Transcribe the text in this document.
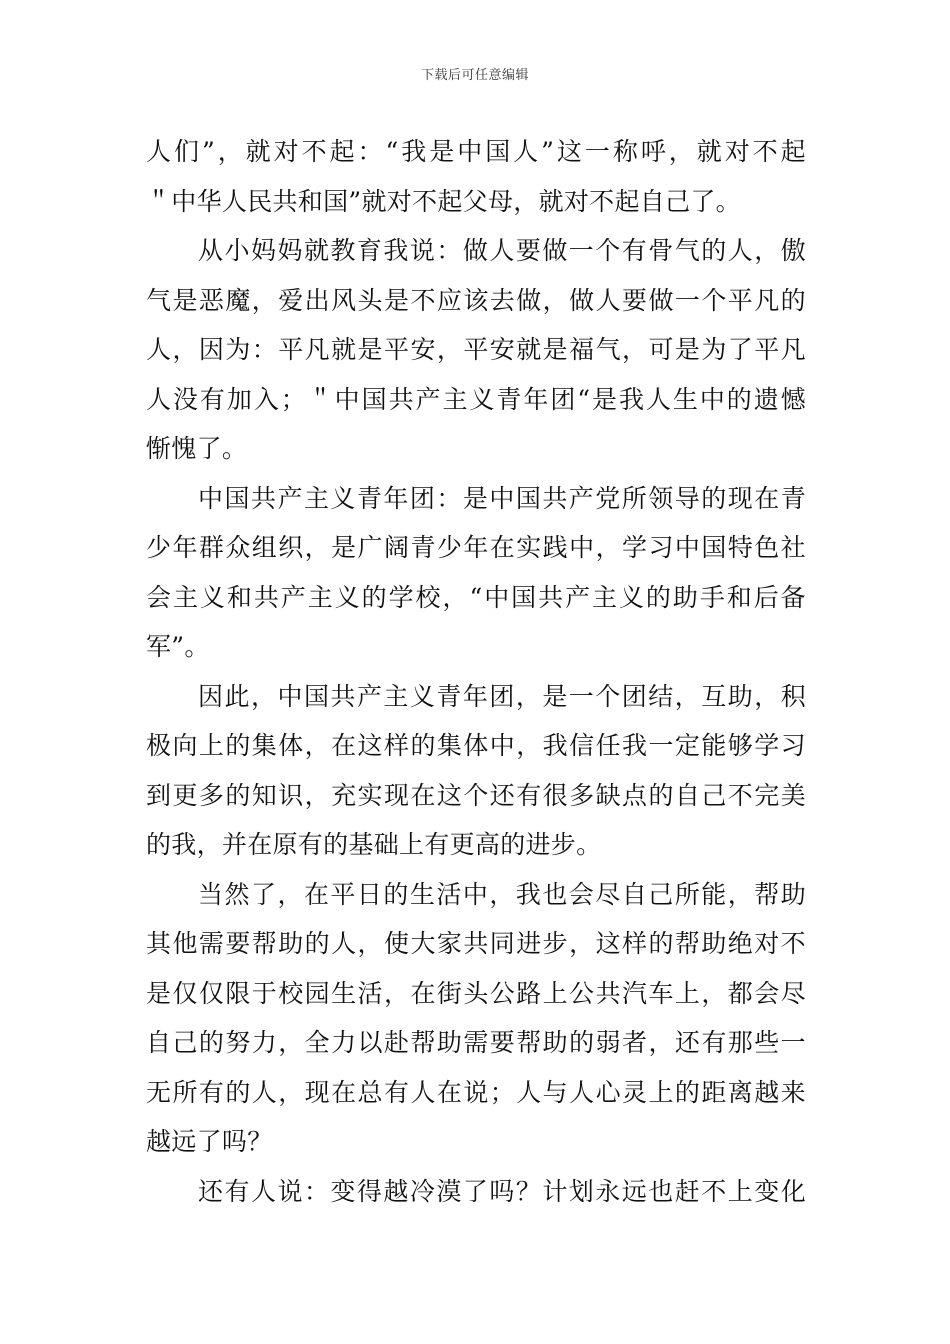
下载后可任意编辑
人们”，就对不起：“我是中国人”这一称呼，就对不起
＂中华人民共和国”就对不起父母，就对不起自己了。
从小妈妈就教育我说：做人要做一个有骨气的人，傲
气是恶魔，爱出风头是不应该去做，做人要做一个平凡的
人，因为：平凡就是平安，平安就是福气，可是为了平凡
人没有加入；＂中国共产主义青年团“是我人生中的遗憾
惭愧了。
中国共产主义青年团：是中国共产党所领导的现在青
少年群众组织，是广阔青少年在实践中，学习中国特色社
会主义和共产主义的学校，“中国共产主义的助手和后备
军”。
因此，中国共产主义青年团，是一个团结，互助，积
极向上的集体，在这样的集体中，我信任我一定能够学习
到更多的知识，充实现在这个还有很多缺点的自己不完美
的我，并在原有的基础上有更高的进步。
当然了，在平日的生活中，我也会尽自己所能，帮助
其他需要帮助的人，使大家共同进步，这样的帮助绝对不
是仅仅限于校园生活，在街头公路上公共汽车上，都会尽
自己的努力，全力以赴帮助需要帮助的弱者，还有那些一
无所有的人，现在总有人在说；人与人心灵上的距离越来
越远了吗？
还有人说：变得越冷漠了吗？计划永远也赶不上变化
